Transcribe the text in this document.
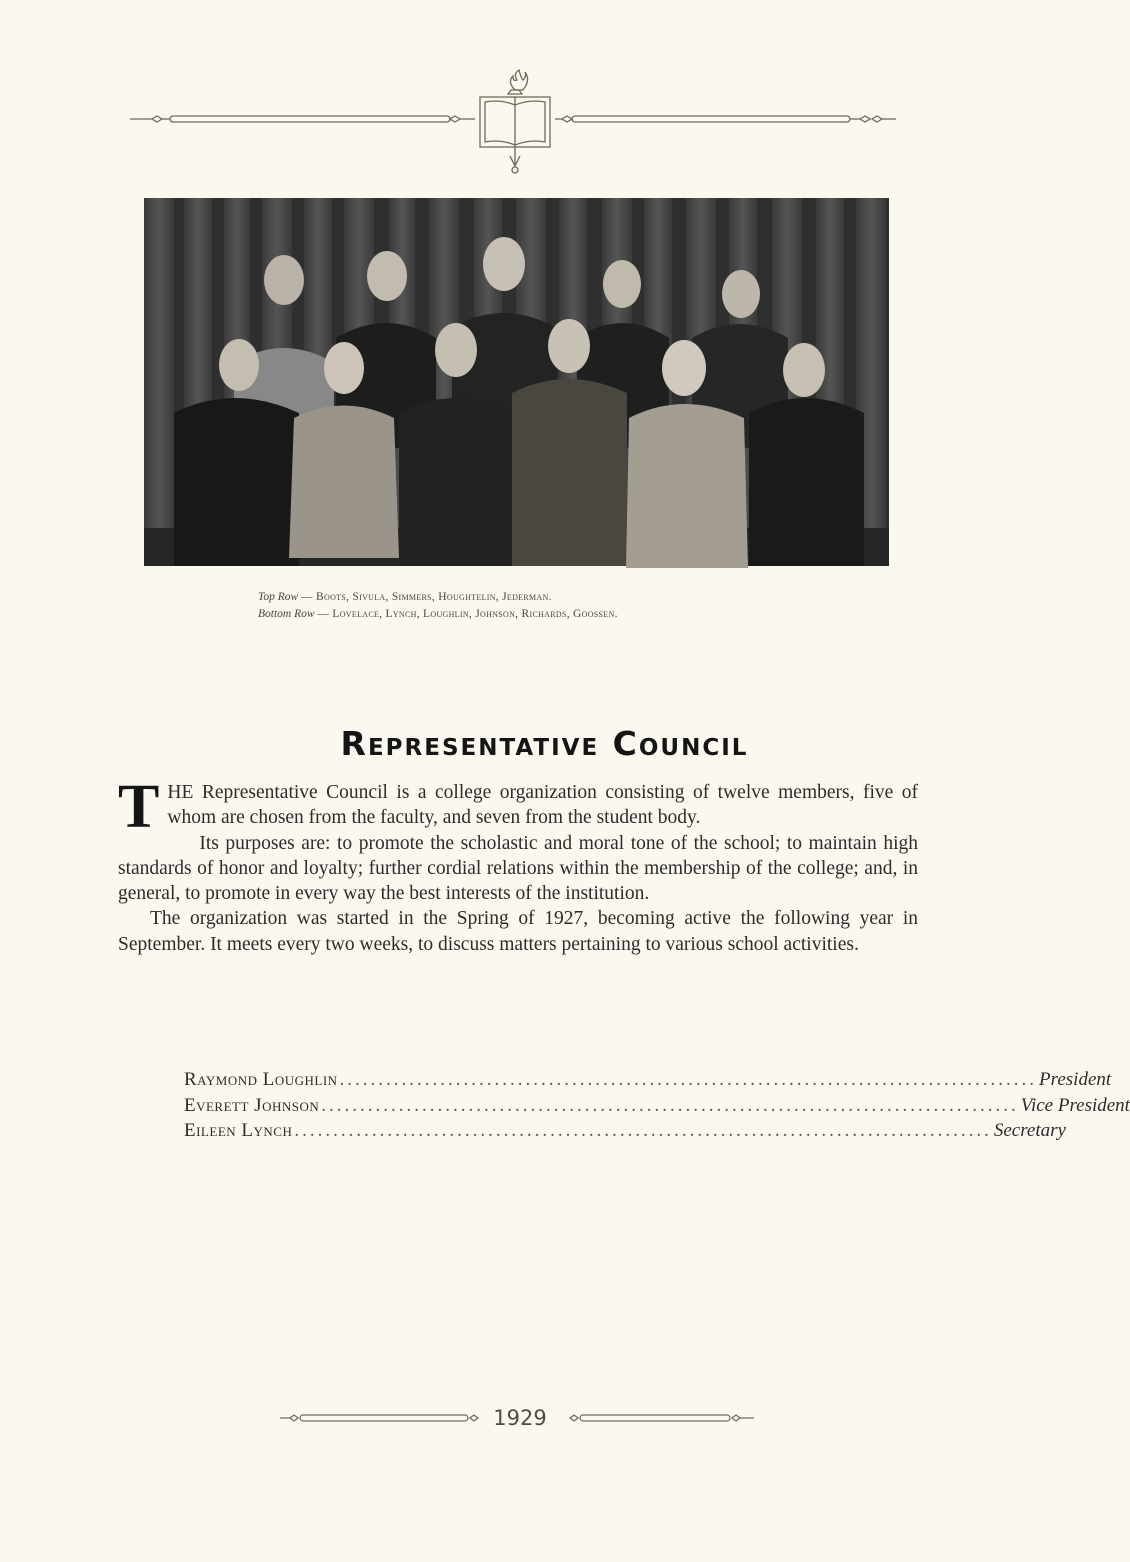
Top Row — Boots, Sivula, Simmers, Houghtelin, Jederman.
Bottom Row — Lovelace, Lynch, Loughlin, Johnson, Richards, Goossen.
Representative Council

THE Representative Council is a college organization consisting of twelve members, five of whom are chosen from the faculty, and seven from the student body.

Its purposes are: to promote the scholastic and moral tone of the school; to maintain high standards of honor and loyalty; further cordial relations within the membership of the college; and, in general, to promote in every way the best interests of the institution.

The organization was started in the Spring of 1927, becoming active the following year in September. It meets every two weeks, to discuss matters pertaining to various school activities.

Raymond Loughlin .......................................................................................... President
Everett Johnson .......................................................................................... Vice President
Eileen Lynch .......................................................................................... Secretary
1929
